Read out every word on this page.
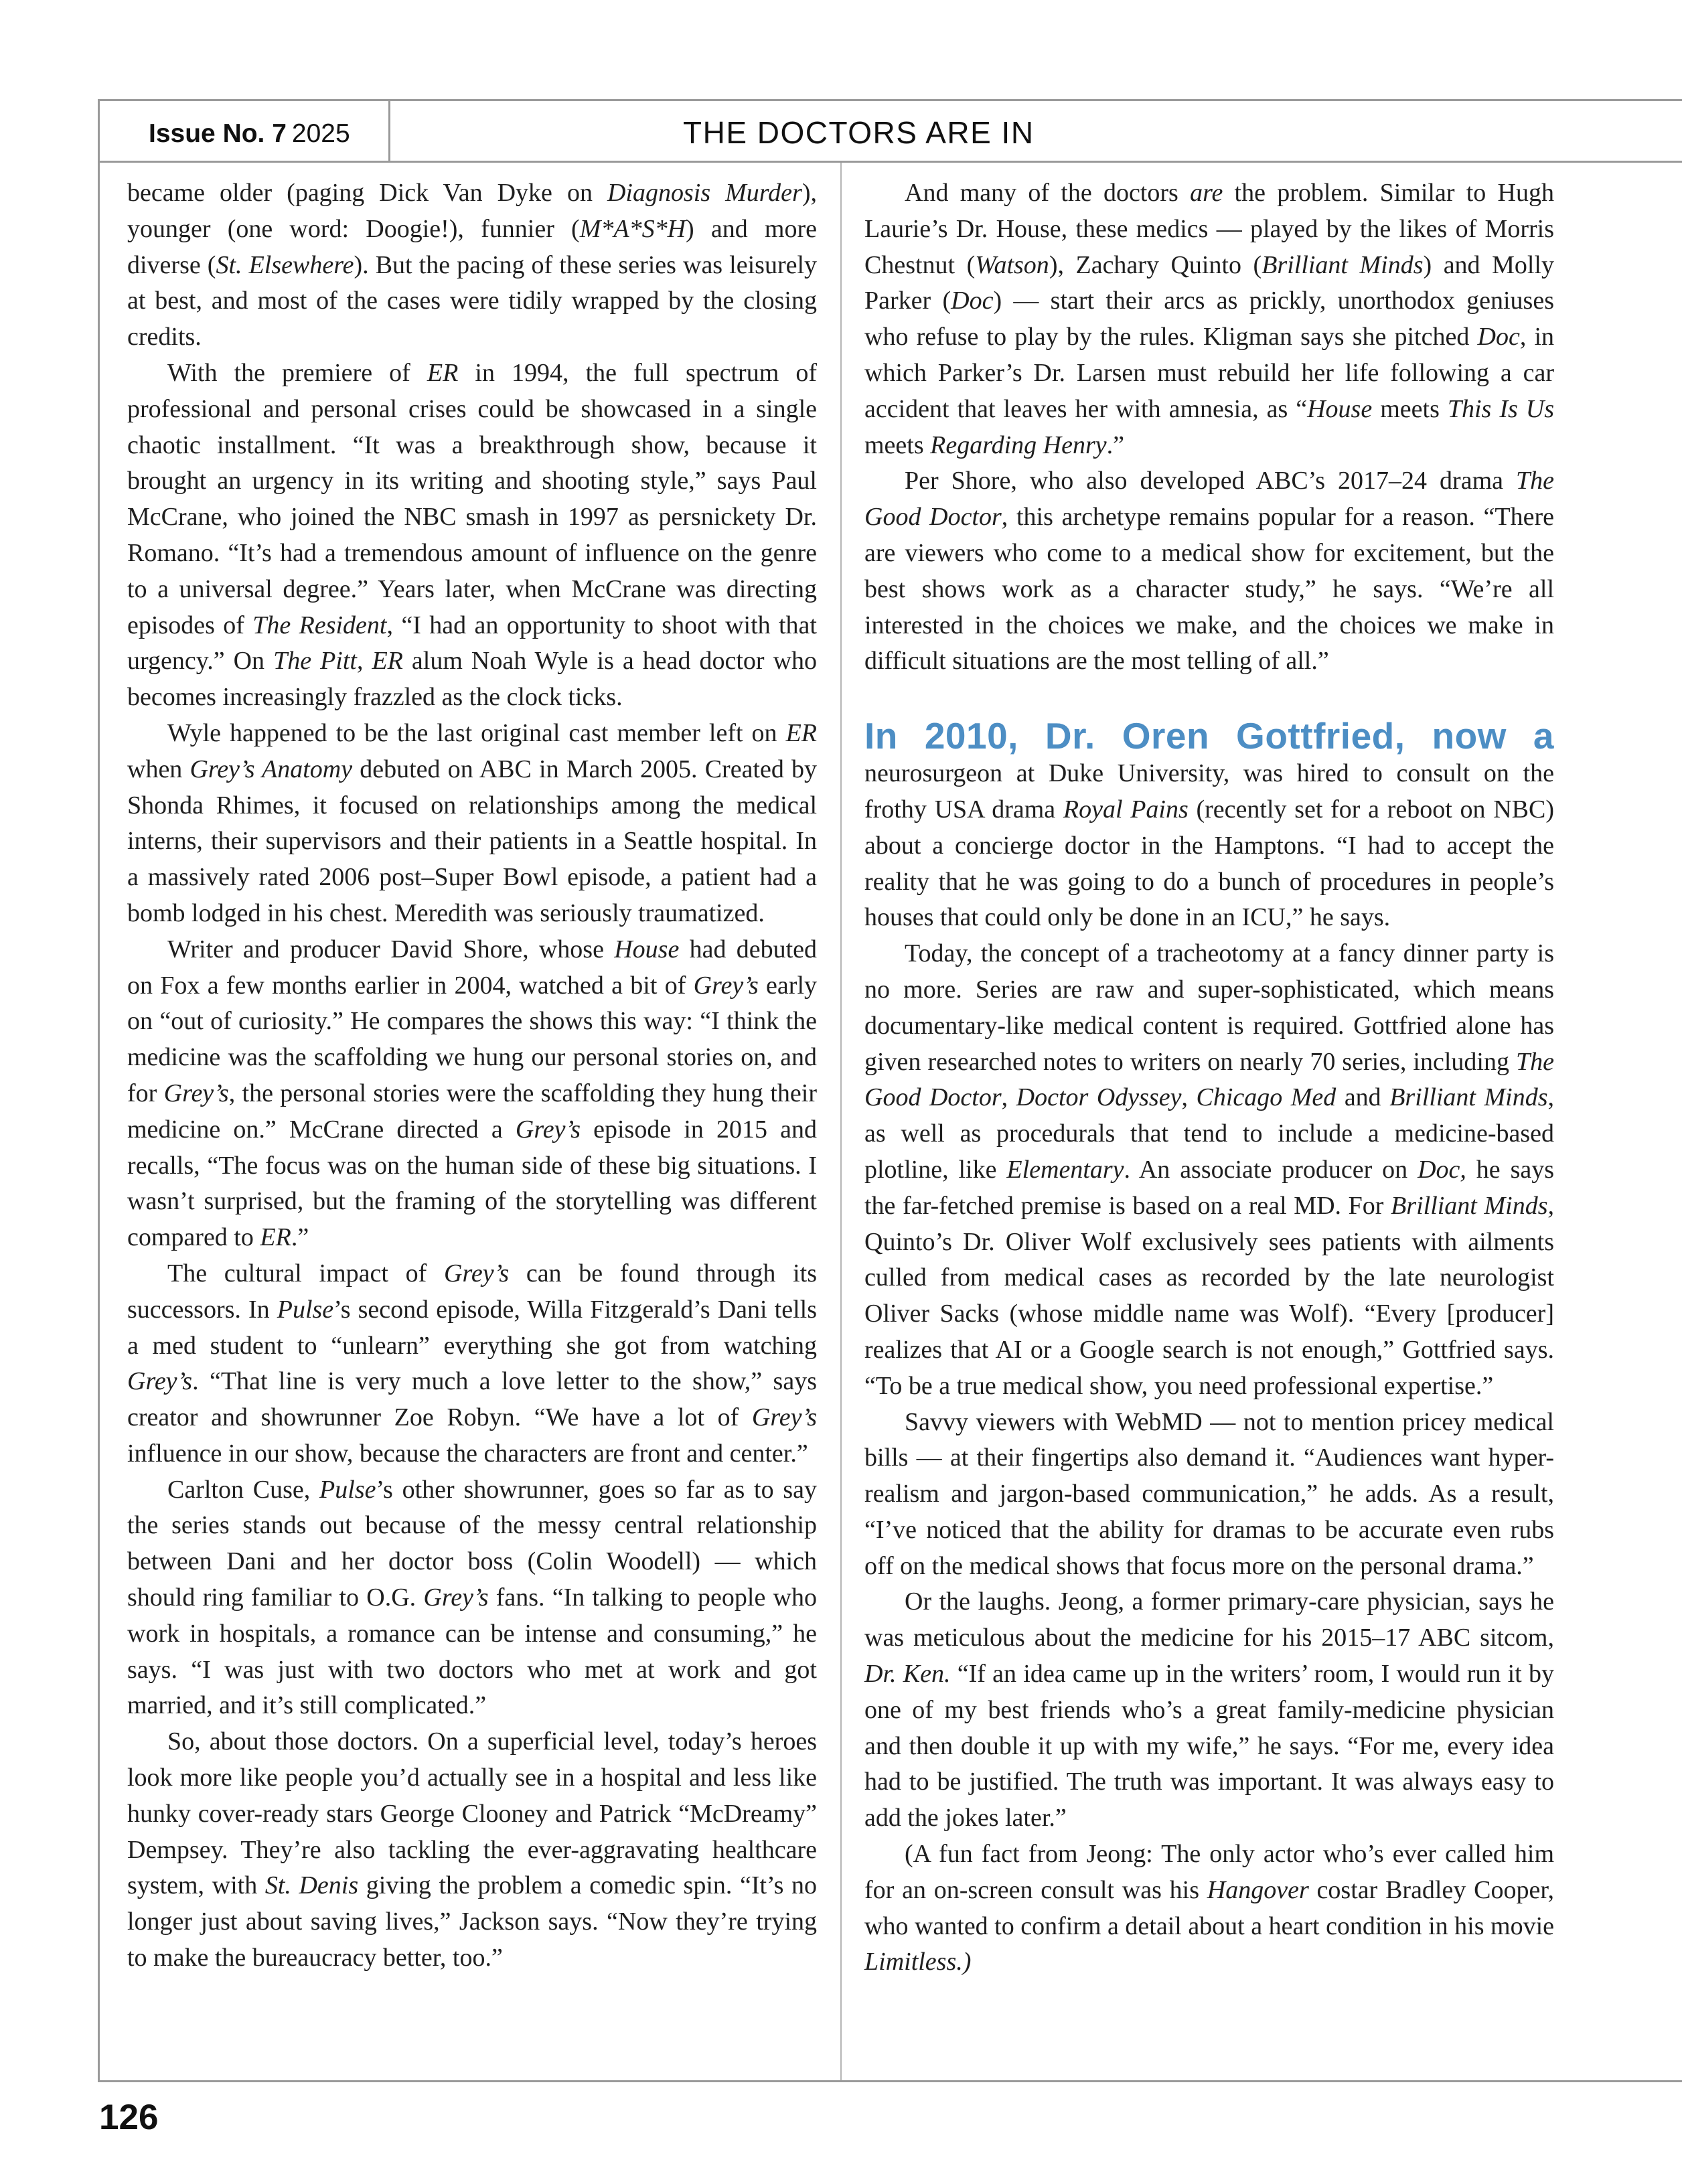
Issue No. 7 2025	THE DOCTORS ARE IN

became older (paging Dick Van Dyke on Diagnosis Murder), younger (one word: Doogie!), funnier (M*A*S*H) and more diverse (St. Elsewhere). But the pacing of these series was leisurely at best, and most of the cases were tidily wrapped by the closing credits.

With the premiere of ER in 1994, the full spectrum of professional and personal crises could be showcased in a single chaotic installment. “It was a breakthrough show, because it brought an urgency in its writing and shooting style,” says Paul McCrane, who joined the NBC smash in 1997 as persnickety Dr. Romano. “It’s had a tremendous amount of influence on the genre to a universal degree.” Years later, when McCrane was directing episodes of The Resident, “I had an opportunity to shoot with that urgency.” On The Pitt, ER alum Noah Wyle is a head doctor who becomes increasingly frazzled as the clock ticks.

Wyle happened to be the last original cast member left on ER when Grey’s Anatomy debuted on ABC in March 2005. Created by Shonda Rhimes, it focused on relationships among the medical interns, their supervisors and their patients in a Seattle hospital. In a massively rated 2006 post–Super Bowl episode, a patient had a bomb lodged in his chest. Meredith was seriously traumatized.

Writer and producer David Shore, whose House had debuted on Fox a few months earlier in 2004, watched a bit of Grey’s early on “out of curiosity.” He compares the shows this way: “I think the medicine was the scaffolding we hung our personal stories on, and for Grey’s, the personal stories were the scaffolding they hung their medicine on.” McCrane directed a Grey’s episode in 2015 and recalls, “The focus was on the human side of these big situations. I wasn’t surprised, but the framing of the storytelling was different compared to ER.”

The cultural impact of Grey’s can be found through its successors. In Pulse’s second episode, Willa Fitzgerald’s Dani tells a med student to “unlearn” everything she got from watching Grey’s. “That line is very much a love letter to the show,” says creator and showrunner Zoe Robyn. “We have a lot of Grey’s influence in our show, because the characters are front and center.”

Carlton Cuse, Pulse’s other showrunner, goes so far as to say the series stands out because of the messy central relationship between Dani and her doctor boss (Colin Woodell) — which should ring familiar to O.G. Grey’s fans. “In talking to people who work in hospitals, a romance can be intense and consuming,” he says. “I was just with two doctors who met at work and got married, and it’s still complicated.”

So, about those doctors. On a superficial level, today’s heroes look more like people you’d actually see in a hospital and less like hunky cover-ready stars George Clooney and Patrick “McDreamy” Dempsey. They’re also tackling the ever-aggravating healthcare system, with St. Denis giving the problem a comedic spin. “It’s no longer just about saving lives,” Jackson says. “Now they’re trying to make the bureaucracy better, too.”

And many of the doctors are the problem. Similar to Hugh Laurie’s Dr. House, these medics — played by the likes of Morris Chestnut (Watson), Zachary Quinto (Brilliant Minds) and Molly Parker (Doc) — start their arcs as prickly, unorthodox geniuses who refuse to play by the rules. Kligman says she pitched Doc, in which Parker’s Dr. Larsen must rebuild her life following a car accident that leaves her with amnesia, as “House meets This Is Us meets Regarding Henry.”

Per Shore, who also developed ABC’s 2017–24 drama The Good Doctor, this archetype remains popular for a reason. “There are viewers who come to a medical show for excitement, but the best shows work as a character study,” he says. “We’re all interested in the choices we make, and the choices we make in difficult situations are the most telling of all.”

In 2010, Dr. Oren Gottfried, now a

neurosurgeon at Duke University, was hired to consult on the frothy USA drama Royal Pains (recently set for a reboot on NBC) about a concierge doctor in the Hamptons. “I had to accept the reality that he was going to do a bunch of procedures in people’s houses that could only be done in an ICU,” he says.

Today, the concept of a tracheotomy at a fancy dinner party is no more. Series are raw and super-sophisticated, which means documentary-like medical content is required. Gottfried alone has given researched notes to writers on nearly 70 series, including The Good Doctor, Doctor Odyssey, Chicago Med and Brilliant Minds, as well as procedurals that tend to include a medicine-based plotline, like Elementary. An associate producer on Doc, he says the far-fetched premise is based on a real MD. For Brilliant Minds, Quinto’s Dr. Oliver Wolf exclusively sees patients with ailments culled from medical cases as recorded by the late neurologist Oliver Sacks (whose middle name was Wolf). “Every [producer] realizes that AI or a Google search is not enough,” Gottfried says. “To be a true medical show, you need professional expertise.”

Savvy viewers with WebMD — not to mention pricey medical bills — at their fingertips also demand it. “Audiences want hyper-realism and jargon-based communication,” he adds. As a result, “I’ve noticed that the ability for dramas to be accurate even rubs off on the medical shows that focus more on the personal drama.”

Or the laughs. Jeong, a former primary-care physician, says he was meticulous about the medicine for his 2015–17 ABC sitcom, Dr. Ken. “If an idea came up in the writers’ room, I would run it by one of my best friends who’s a great family-medicine physician and then double it up with my wife,” he says. “For me, every idea had to be justified. The truth was important. It was always easy to add the jokes later.”

(A fun fact from Jeong: The only actor who’s ever called him for an on-screen consult was his Hangover costar Bradley Cooper, who wanted to confirm a detail about a heart condition in his movie Limitless.)

126
